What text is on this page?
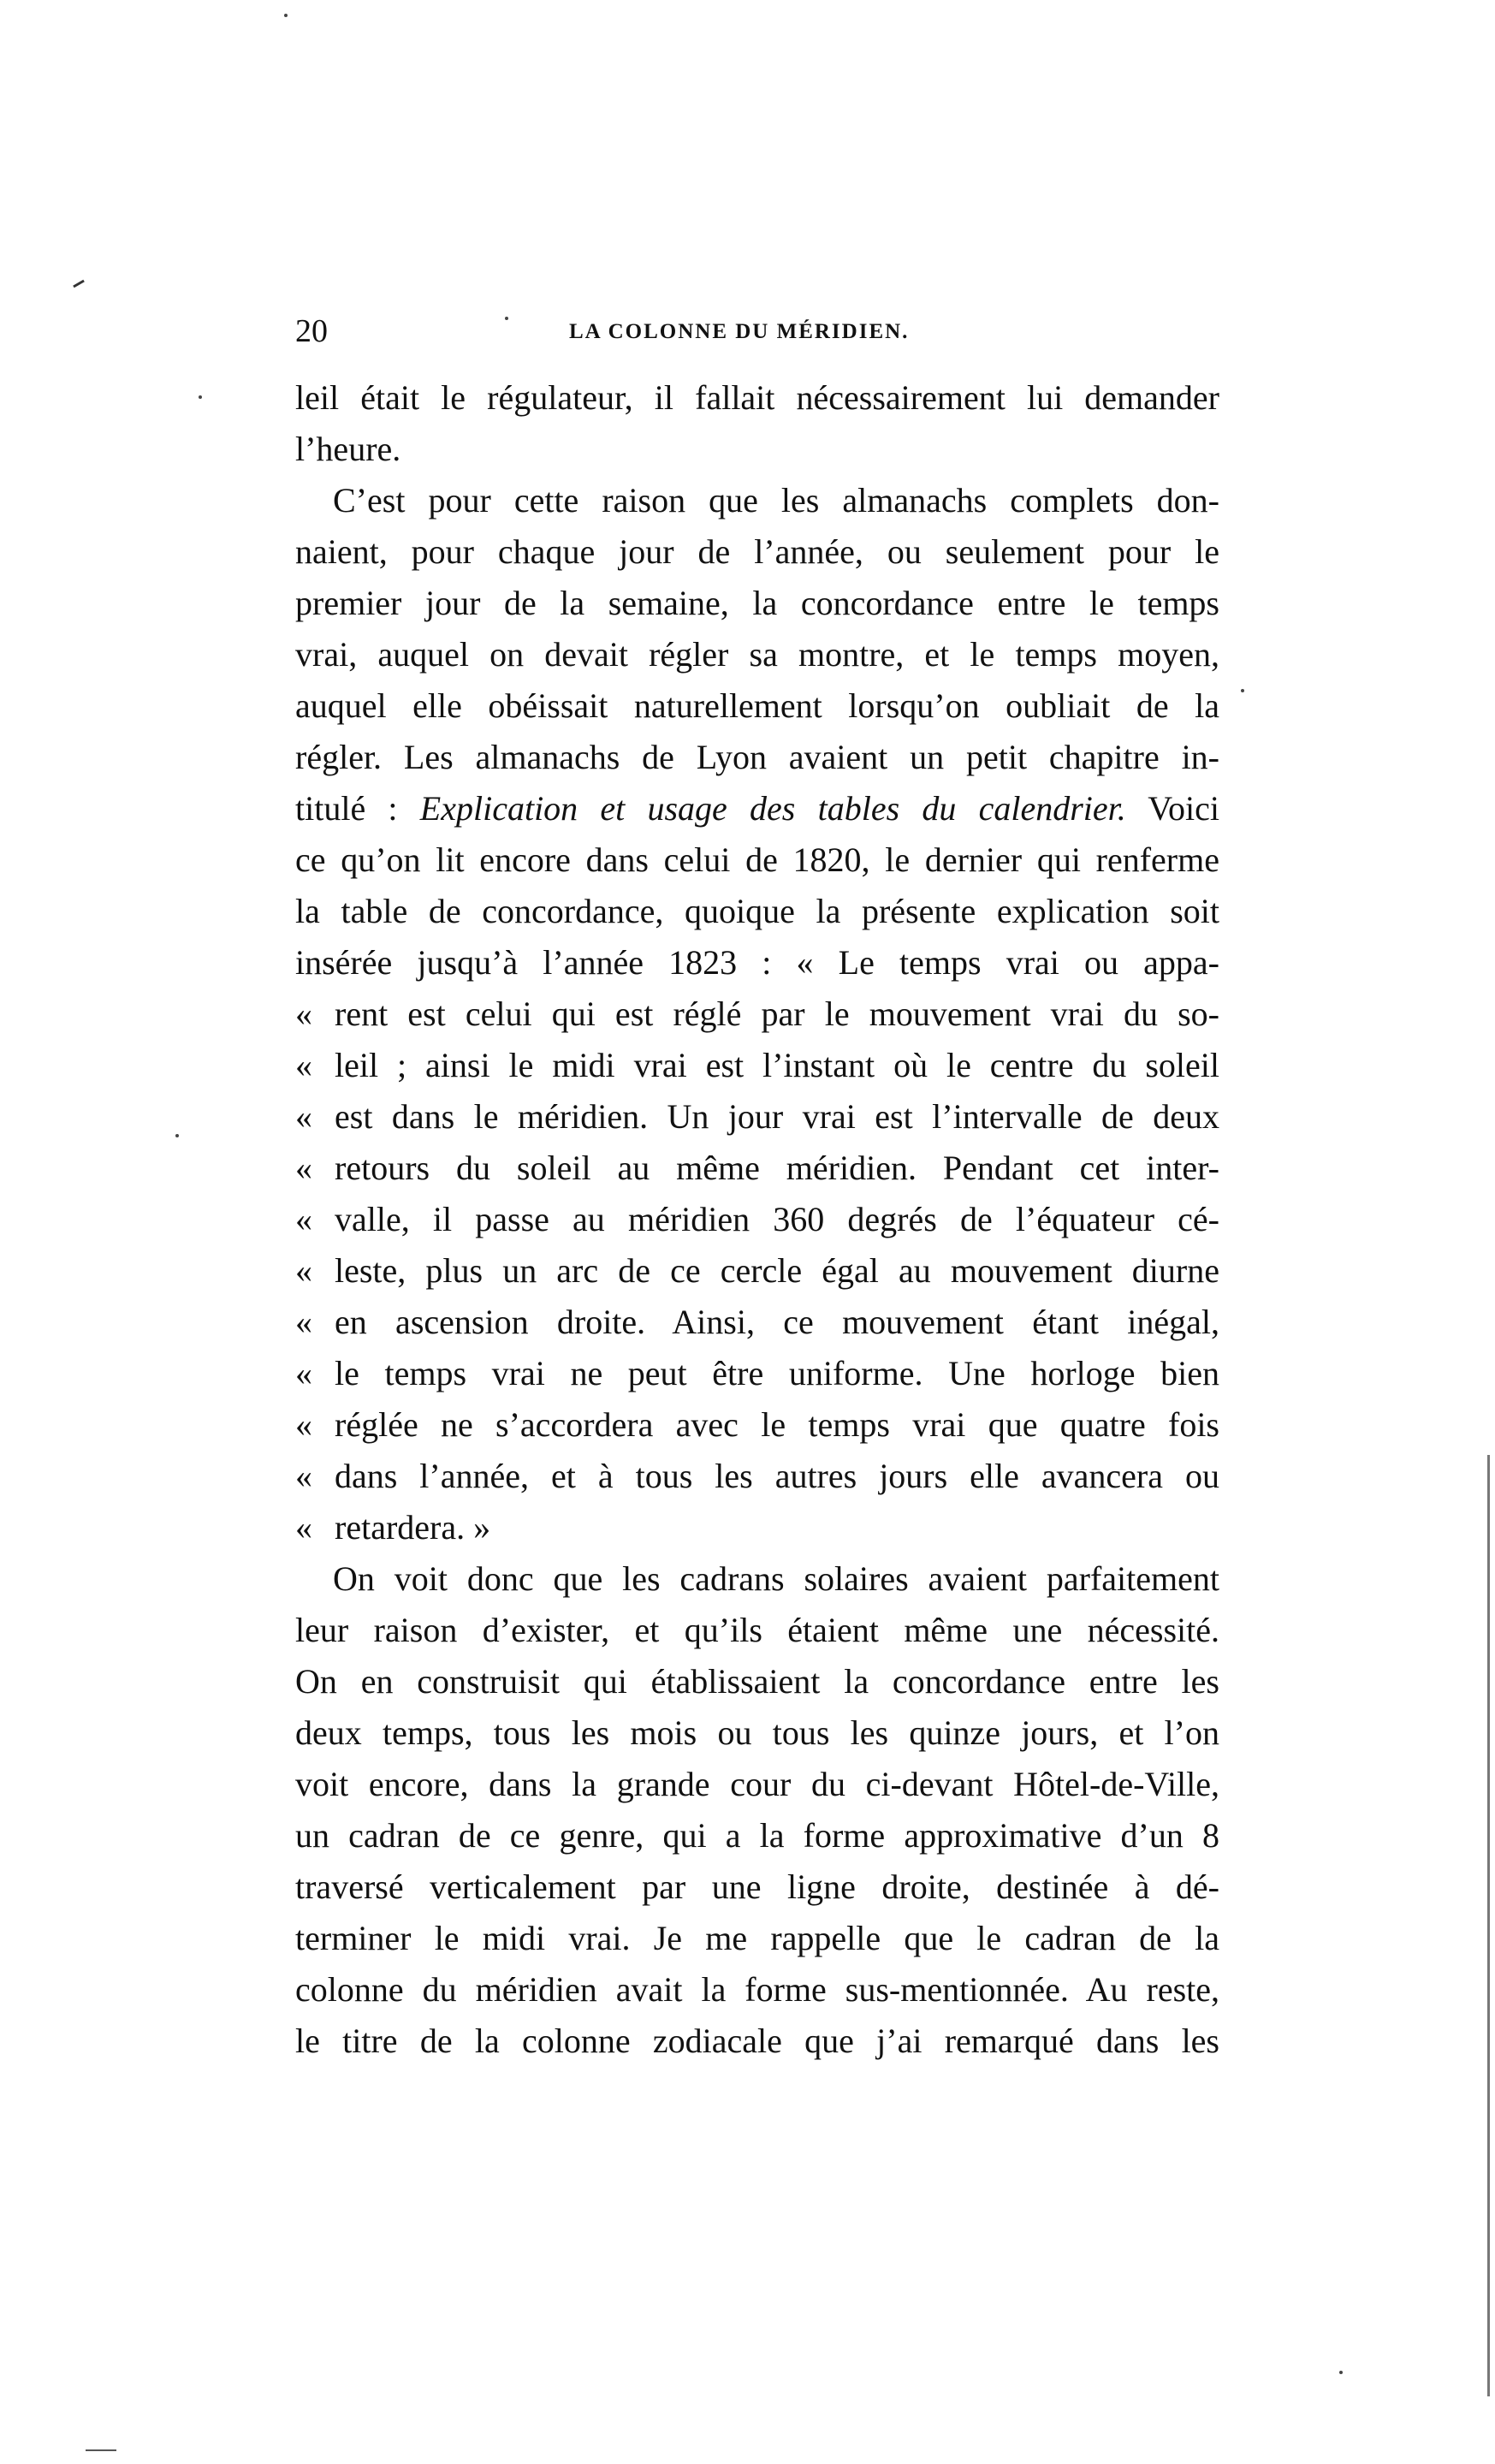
20	LA COLONNE DU MÉRIDIEN.
leil était le régulateur, il fallait nécessairement lui demander
l’heure.
C’est pour cette raison que les almanachs complets don-
naient, pour chaque jour de l’année, ou seulement pour le
premier jour de la semaine, la concordance entre le temps
vrai, auquel on devait régler sa montre, et le temps moyen,
auquel elle obéissait naturellement lorsqu’on oubliait de la
régler. Les almanachs de Lyon avaient un petit chapitre in-
titulé : Explication et usage des tables du calendrier. Voici
ce qu’on lit encore dans celui de 1820, le dernier qui renferme
la table de concordance, quoique la présente explication soit
insérée jusqu’à l’année 1823 : « Le temps vrai ou appa-
« rent est celui qui est réglé par le mouvement vrai du so-
« leil ; ainsi le midi vrai est l’instant où le centre du soleil
« est dans le méridien. Un jour vrai est l’intervalle de deux
« retours du soleil au même méridien. Pendant cet inter-
« valle, il passe au méridien 360 degrés de l’équateur cé-
« leste, plus un arc de ce cercle égal au mouvement diurne
« en ascension droite. Ainsi, ce mouvement étant inégal,
« le temps vrai ne peut être uniforme. Une horloge bien
« réglée ne s’accordera avec le temps vrai que quatre fois
« dans l’année, et à tous les autres jours elle avancera ou
« retardera. »
On voit donc que les cadrans solaires avaient parfaitement
leur raison d’exister, et qu’ils étaient même une nécessité.
On en construisit qui établissaient la concordance entre les
deux temps, tous les mois ou tous les quinze jours, et l’on
voit encore, dans la grande cour du ci-devant Hôtel-de-Ville,
un cadran de ce genre, qui a la forme approximative d’un 8
traversé verticalement par une ligne droite, destinée à dé-
terminer le midi vrai. Je me rappelle que le cadran de la
colonne du méridien avait la forme sus-mentionnée. Au reste,
le titre de la colonne zodiacale que j’ai remarqué dans les
